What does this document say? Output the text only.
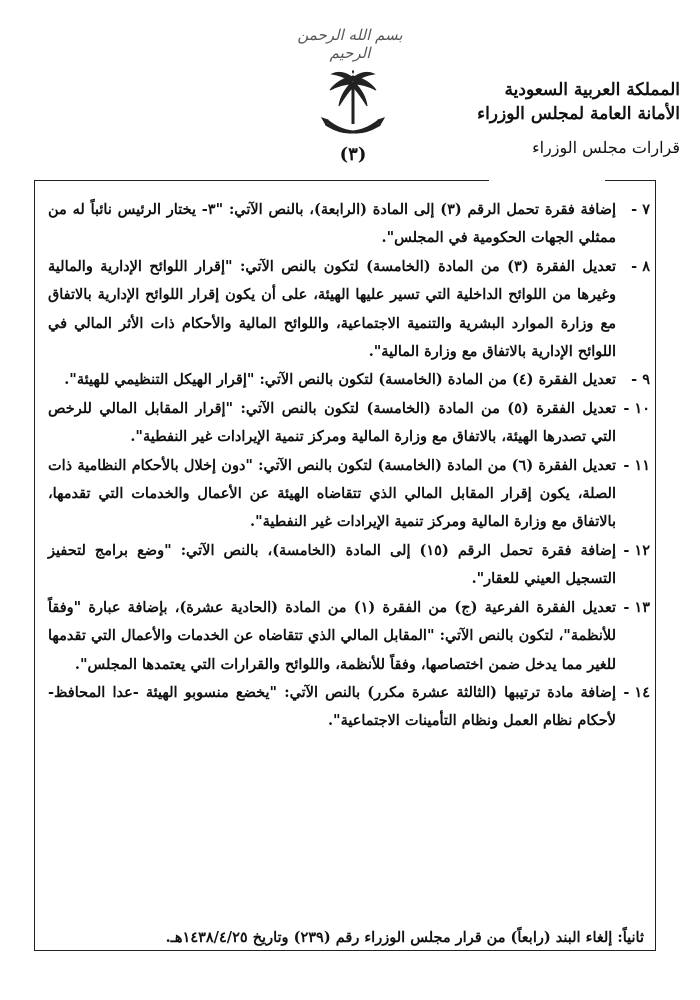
بسم الله الرحمن الرحيم
(٣)
المملكة العربية السعودية
الأمانة العامة لمجلس الوزراء
قرارات مجلس الوزراء

٧ -
إضافة فقرة تحمل الرقم (٣) إلى المادة (الرابعة)، بالنص الآتي: "٣- يختار الرئيس نائباً له من ممثلي الجهات الحكومية في المجلس".

٨ -
تعديل الفقرة (٣) من المادة (الخامسة) لتكون بالنص الآتي: "إقرار اللوائح الإدارية والمالية وغيرها من اللوائح الداخلية التي تسير عليها الهيئة، على أن يكون إقرار اللوائح الإدارية بالاتفاق مع وزارة الموارد البشرية والتنمية الاجتماعية، واللوائح المالية والأحكام ذات الأثر المالي في اللوائح الإدارية بالاتفاق مع وزارة المالية".

٩ -
تعديل الفقرة (٤) من المادة (الخامسة) لتكون بالنص الآتي: "إقرار الهيكل التنظيمي للهيئة".

١٠ -
تعديل الفقرة (٥) من المادة (الخامسة) لتكون بالنص الآتي: "إقرار المقابل المالي للرخص التي تصدرها الهيئة، بالاتفاق مع وزارة المالية ومركز تنمية الإيرادات غير النفطية".

١١ -
تعديل الفقرة (٦) من المادة (الخامسة) لتكون بالنص الآتي: "دون إخلال بالأحكام النظامية ذات الصلة، يكون إقرار المقابل المالي الذي تتقاضاه الهيئة عن الأعمال والخدمات التي تقدمها، بالاتفاق مع وزارة المالية ومركز تنمية الإيرادات غير النفطية".

١٢ -
إضافة فقرة تحمل الرقم (١٥) إلى المادة (الخامسة)، بالنص الآتي: "وضع برامج لتحفيز التسجيل العيني للعقار".

١٣ -
تعديل الفقرة الفرعية (ج) من الفقرة (١) من المادة (الحادية عشرة)، بإضافة عبارة "وفقاً للأنظمة"، لتكون بالنص الآتي: "المقابل المالي الذي تتقاضاه عن الخدمات والأعمال التي تقدمها للغير مما يدخل ضمن اختصاصها، وفقاً للأنظمة، واللوائح والقرارات التي يعتمدها المجلس".

١٤ -
إضافة مادة ترتيبها (الثالثة عشرة مكرر) بالنص الآتي: "يخضع منسوبو الهيئة -عدا المحافظ- لأحكام نظام العمل ونظام التأمينات الاجتماعية".

ثانياً: إلغاء البند (رابعاً) من قرار مجلس الوزراء رقم (٢٣٩) وتاريخ ١٤٣٨/٤/٢٥هـ.
